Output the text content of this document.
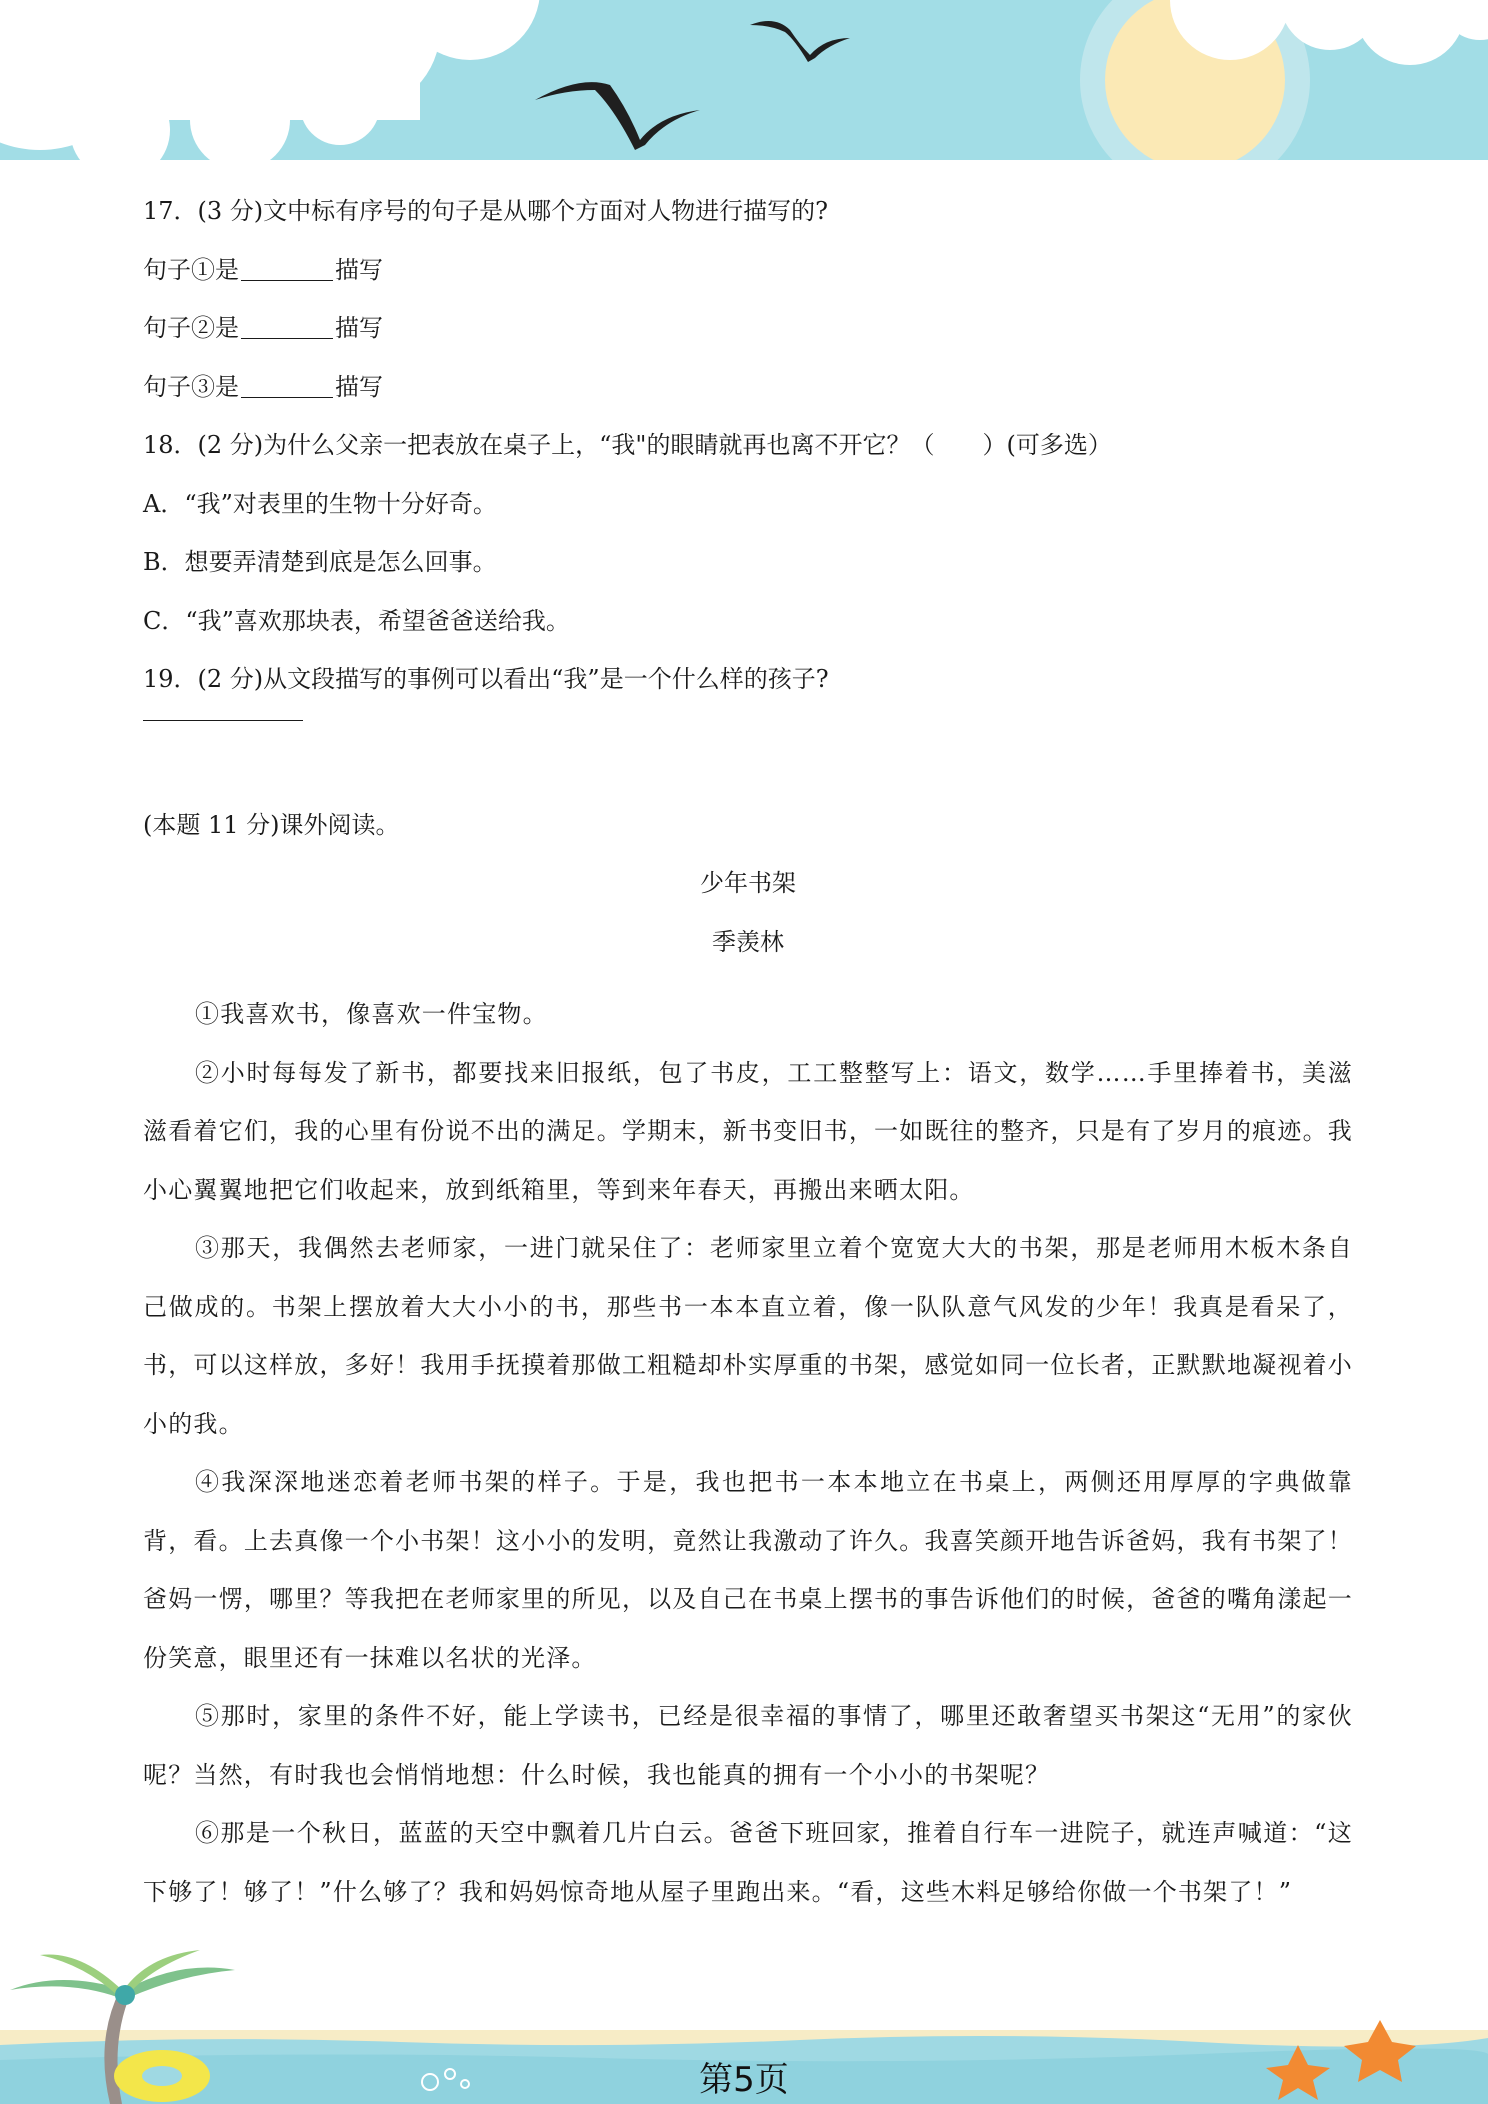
17．(3 分)文中标有序号的句子是从哪个方面对人物进行描写的?
句子①是	描写
句子②是	描写
句子③是	描写
18．(2 分)为什么父亲一把表放在桌子上，“我"的眼睛就再也离不开它？（　　）(可多选）
A．“我”对表里的生物十分好奇。
B．想要弄清楚到底是怎么回事。
C．“我”喜欢那块表，希望爸爸送给我。
19．(2 分)从文段描写的事例可以看出“我”是一个什么样的孩子?
(本题 11 分)课外阅读。
少年书架
季羡林

①我喜欢书，像喜欢一件宝物。

②小时每每发了新书，都要找来旧报纸，包了书皮，工工整整写上：语文，数学……手里捧着书，美滋滋看着它们，我的心里有份说不出的满足。学期末，新书变旧书，一如既往的整齐，只是有了岁月的痕迹。我小心翼翼地把它们收起来，放到纸箱里，等到来年春天，再搬出来晒太阳。

③那天，我偶然去老师家，一进门就呆住了：老师家里立着个宽宽大大的书架，那是老师用木板木条自己做成的。书架上摆放着大大小小的书，那些书一本本直立着，像一队队意气风发的少年！我真是看呆了，书，可以这样放，多好！我用手抚摸着那做工粗糙却朴实厚重的书架，感觉如同一位长者，正默默地凝视着小小的我。

④我深深地迷恋着老师书架的样子。于是，我也把书一本本地立在书桌上，两侧还用厚厚的字典做靠背，看。上去真像一个小书架！这小小的发明，竟然让我激动了许久。我喜笑颜开地告诉爸妈，我有书架了！爸妈一愣，哪里？等我把在老师家里的所见，以及自己在书桌上摆书的事告诉他们的时候，爸爸的嘴角漾起一份笑意，眼里还有一抹难以名状的光泽。

⑤那时，家里的条件不好，能上学读书，已经是很幸福的事情了，哪里还敢奢望买书架这“无用”的家伙呢？当然，有时我也会悄悄地想：什么时候，我也能真的拥有一个小小的书架呢？

⑥那是一个秋日，蓝蓝的天空中飘着几片白云。爸爸下班回家，推着自行车一进院子，就连声喊道：“这下够了！够了！”什么够了？我和妈妈惊奇地从屋子里跑出来。“看，这些木料足够给你做一个书架了！”

第5页
